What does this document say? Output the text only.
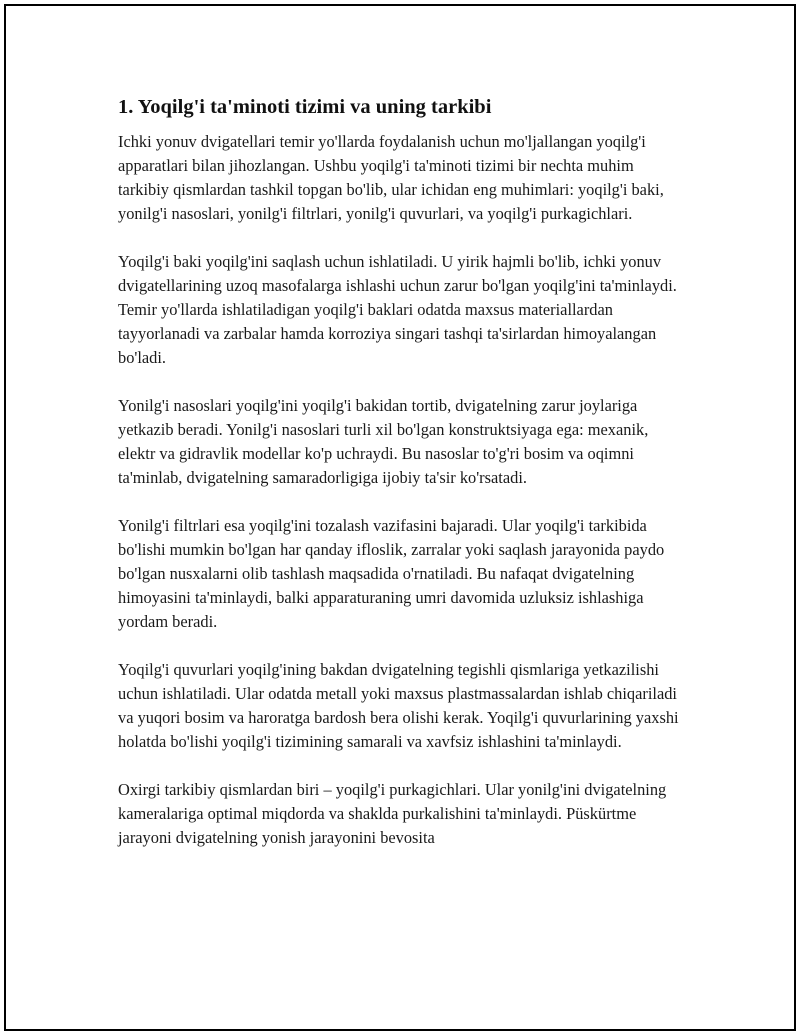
1. Yoqilg'i ta'minoti tizimi va uning tarkibi

Ichki yonuv dvigatellari temir yo'llarda foydalanish uchun mo'ljallangan yoqilg'i apparatlari bilan jihozlangan. Ushbu yoqilg'i ta'minoti tizimi bir nechta muhim tarkibiy qismlardan tashkil topgan bo'lib, ular ichidan eng muhimlari: yoqilg'i baki, yonilg'i nasoslari, yonilg'i filtrlari, yonilg'i quvurlari, va yoqilg'i purkagichlari.

Yoqilg'i baki yoqilg'ini saqlash uchun ishlatiladi. U yirik hajmli bo'lib, ichki yonuv dvigatellarining uzoq masofalarga ishlashi uchun zarur bo'lgan yoqilg'ini ta'minlaydi. Temir yo'llarda ishlatiladigan yoqilg'i baklari odatda maxsus materiallardan tayyorlanadi va zarbalar hamda korroziya singari tashqi ta'sirlardan himoyalangan bo'ladi.

Yonilg'i nasoslari yoqilg'ini yoqilg'i bakidan tortib, dvigatelning zarur joylariga yetkazib beradi. Yonilg'i nasoslari turli xil bo'lgan konstruktsiyaga ega: mexanik, elektr va gidravlik modellar ko'p uchraydi. Bu nasoslar to'g'ri bosim va oqimni ta'minlab, dvigatelning samaradorligiga ijobiy ta'sir ko'rsatadi.

Yonilg'i filtrlari esa yoqilg'ini tozalash vazifasini bajaradi. Ular yoqilg'i tarkibida bo'lishi mumkin bo'lgan har qanday ifloslik, zarralar yoki saqlash jarayonida paydo bo'lgan nusxalarni olib tashlash maqsadida o'rnatiladi. Bu nafaqat dvigatelning himoyasini ta'minlaydi, balki apparaturaning umri davomida uzluksiz ishlashiga yordam beradi.

Yoqilg'i quvurlari yoqilg'ining bakdan dvigatelning tegishli qismlariga yetkazilishi uchun ishlatiladi. Ular odatda metall yoki maxsus plastmassalardan ishlab chiqariladi va yuqori bosim va haroratga bardosh bera olishi kerak. Yoqilg'i quvurlarining yaxshi holatda bo'lishi yoqilg'i tizimining samarali va xavfsiz ishlashini ta'minlaydi.

Oxirgi tarkibiy qismlardan biri – yoqilg'i purkagichlari. Ular yonilg'ini dvigatelning kameralariga optimal miqdorda va shaklda purkalishini ta'minlaydi. Püskürtme jarayoni dvigatelning yonish jarayonini bevosita
